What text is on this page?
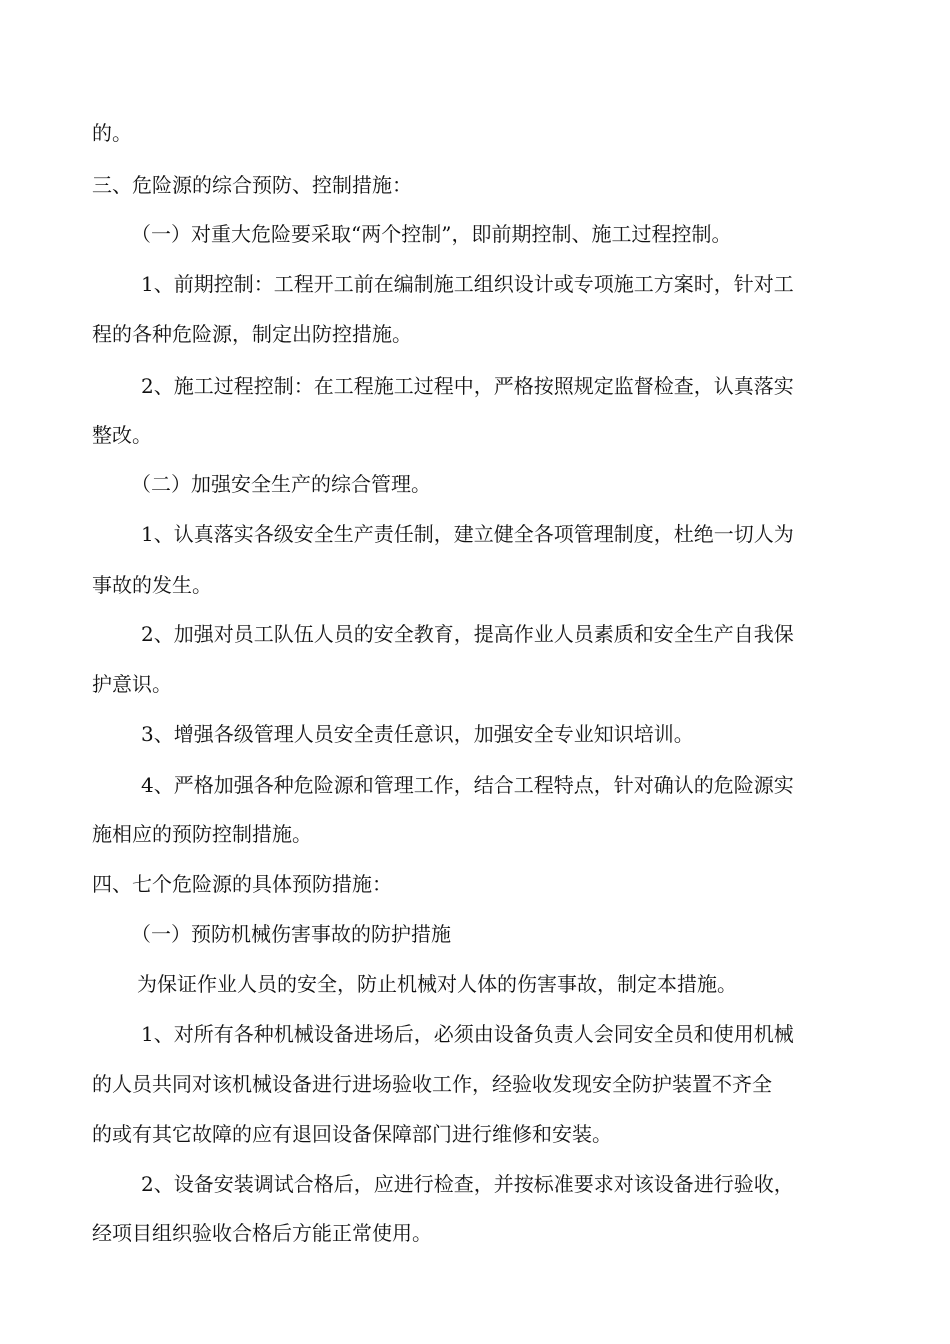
的。

三、危险源的综合预防、控制措施：

（一）对重大危险要采取“两个控制”，即前期控制、施工过程控制。

1、前期控制：工程开工前在编制施工组织设计或专项施工方案时，针对工

程的各种危险源，制定出防控措施。

2、施工过程控制：在工程施工过程中，严格按照规定监督检查，认真落实

整改。

（二）加强安全生产的综合管理。

1、认真落实各级安全生产责任制，建立健全各项管理制度，杜绝一切人为

事故的发生。

2、加强对员工队伍人员的安全教育，提高作业人员素质和安全生产自我保

护意识。

3、增强各级管理人员安全责任意识，加强安全专业知识培训。

4、严格加强各种危险源和管理工作，结合工程特点，针对确认的危险源实

施相应的预防控制措施。

四、七个危险源的具体预防措施：

（一）预防机械伤害事故的防护措施

为保证作业人员的安全，防止机械对人体的伤害事故，制定本措施。

1、对所有各种机械设备进场后，必须由设备负责人会同安全员和使用机械

的人员共同对该机械设备进行进场验收工作，经验收发现安全防护装置不齐全

的或有其它故障的应有退回设备保障部门进行维修和安装。

2、设备安装调试合格后，应进行检查，并按标准要求对该设备进行验收，

经项目组织验收合格后方能正常使用。
